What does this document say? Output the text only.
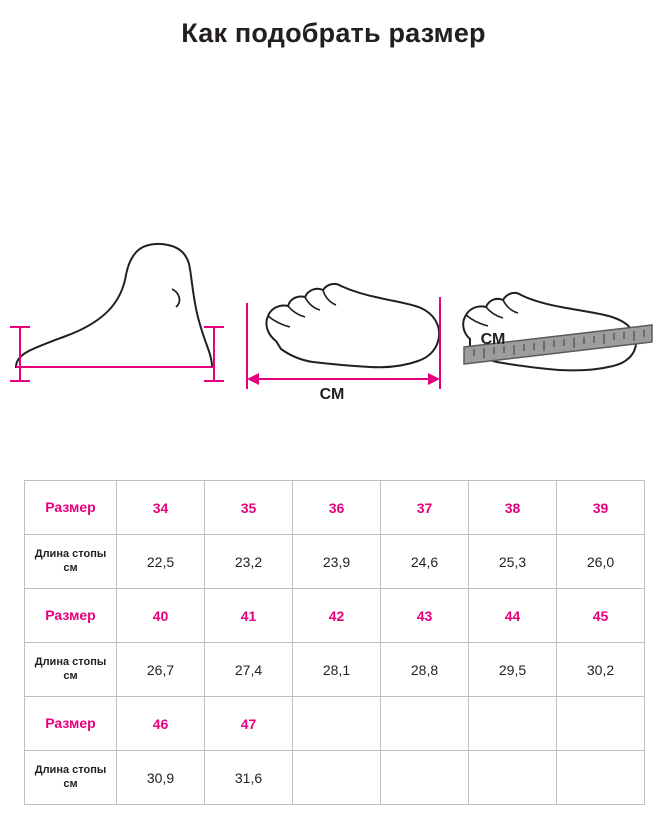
Как подобрать размер
СМ
СМ
Размер	34	35	36	37	38	39
Длина стопы
см	22,5	23,2	23,9	24,6	25,3	26,0
Размер	40	41	42	43	44	45
Длина стопы
см	26,7	27,4	28,1	28,8	29,5	30,2
Размер	46	47				
Длина стопы
см	30,9	31,6				
